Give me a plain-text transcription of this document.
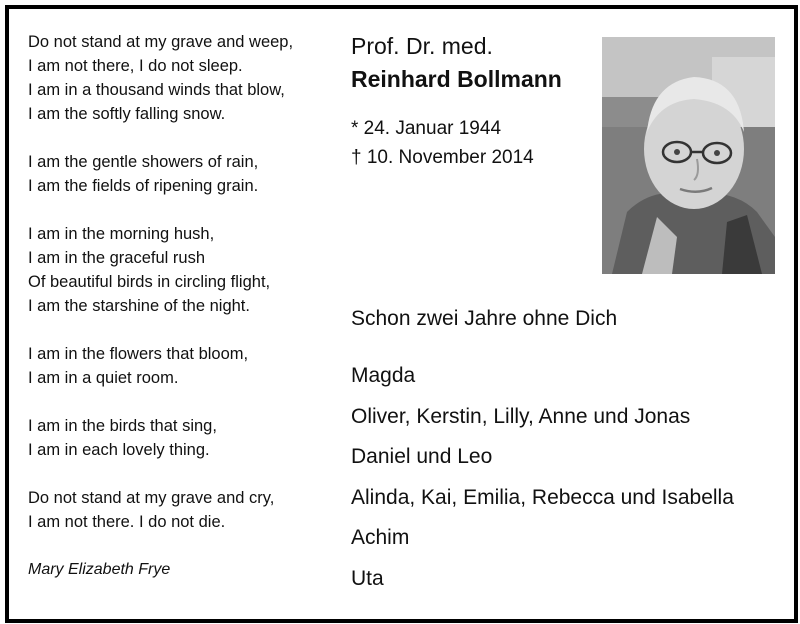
Do not stand at my grave and weep,
I am not there, I do not sleep.
I am in a thousand winds that blow,
I am the softly falling snow.
I am the gentle showers of rain,
I am the fields of ripening grain.
I am in the morning hush,
I am in the graceful rush
Of beautiful birds in circling flight,
I am the starshine of the night.
I am in the flowers that bloom,
I am in a quiet room.
I am in the birds that sing,
I am in each lovely thing.
Do not stand at my grave and cry,
I am not there. I do not die.
Mary Elizabeth Frye
Prof. Dr. med.
Reinhard Bollmann
* 24. Januar 1944
† 10. November 2014
Schon zwei Jahre ohne Dich
Magda
Oliver, Kerstin, Lilly, Anne und Jonas
Daniel und Leo
Alinda, Kai, Emilia, Rebecca und Isabella
Achim
Uta
